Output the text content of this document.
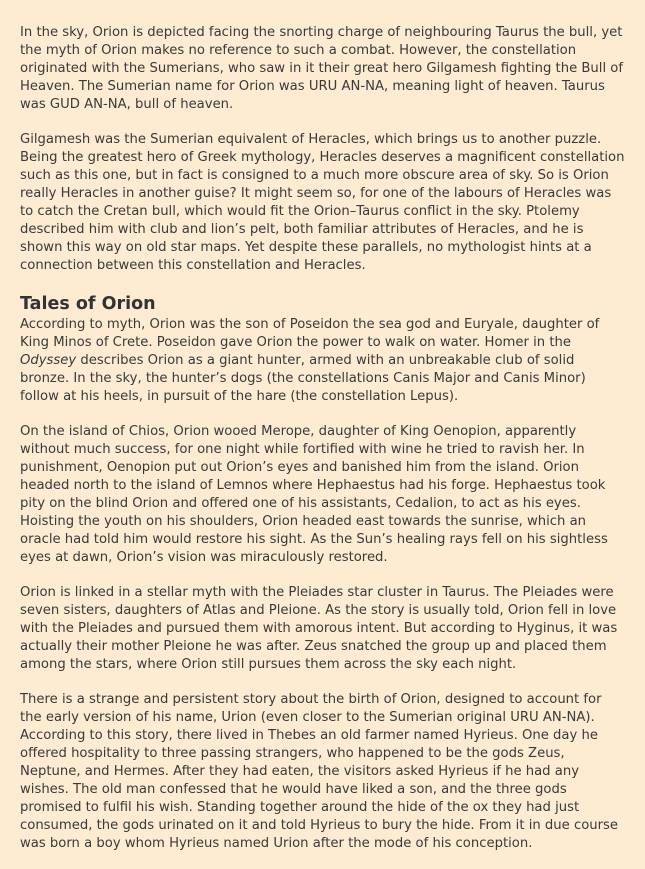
In the sky, Orion is depicted facing the snorting charge of neighbouring Taurus the bull, yet the myth of Orion makes no reference to such a combat. However, the constellation originated with the Sumerians, who saw in it their great hero Gilgamesh fighting the Bull of Heaven. The Sumerian name for Orion was URU AN-NA, meaning light of heaven. Taurus was GUD AN-NA, bull of heaven.

Gilgamesh was the Sumerian equivalent of Heracles, which brings us to another puzzle. Being the greatest hero of Greek mythology, Heracles deserves a magnificent constellation such as this one, but in fact is consigned to a much more obscure area of sky. So is Orion really Heracles in another guise? It might seem so, for one of the labours of Heracles was to catch the Cretan bull, which would fit the Orion–Taurus conflict in the sky. Ptolemy described him with club and lion’s pelt, both familiar attributes of Heracles, and he is shown this way on old star maps. Yet despite these parallels, no mythologist hints at a connection between this constellation and Heracles.

Tales of Orion

According to myth, Orion was the son of Poseidon the sea god and Euryale, daughter of King Minos of Crete. Poseidon gave Orion the power to walk on water. Homer in the Odyssey describes Orion as a giant hunter, armed with an unbreakable club of solid bronze. In the sky, the hunter’s dogs (the constellations Canis Major and Canis Minor) follow at his heels, in pursuit of the hare (the constellation Lepus).

On the island of Chios, Orion wooed Merope, daughter of King Oenopion, apparently without much success, for one night while fortified with wine he tried to ravish her. In punishment, Oenopion put out Orion’s eyes and banished him from the island. Orion headed north to the island of Lemnos where Hephaestus had his forge. Hephaestus took pity on the blind Orion and offered one of his assistants, Cedalion, to act as his eyes. Hoisting the youth on his shoulders, Orion headed east towards the sunrise, which an oracle had told him would restore his sight. As the Sun’s healing rays fell on his sightless eyes at dawn, Orion’s vision was miraculously restored.

Orion is linked in a stellar myth with the Pleiades star cluster in Taurus. The Pleiades were seven sisters, daughters of Atlas and Pleione. As the story is usually told, Orion fell in love with the Pleiades and pursued them with amorous intent. But according to Hyginus, it was actually their mother Pleione he was after. Zeus snatched the group up and placed them among the stars, where Orion still pursues them across the sky each night.

There is a strange and persistent story about the birth of Orion, designed to account for the early version of his name, Urion (even closer to the Sumerian original URU AN-NA). According to this story, there lived in Thebes an old farmer named Hyrieus. One day he offered hospitality to three passing strangers, who happened to be the gods Zeus, Neptune, and Hermes. After they had eaten, the visitors asked Hyrieus if he had any wishes. The old man confessed that he would have liked a son, and the three gods promised to fulfil his wish. Standing together around the hide of the ox they had just consumed, the gods urinated on it and told Hyrieus to bury the hide. From it in due course was born a boy whom Hyrieus named Urion after the mode of his conception.
